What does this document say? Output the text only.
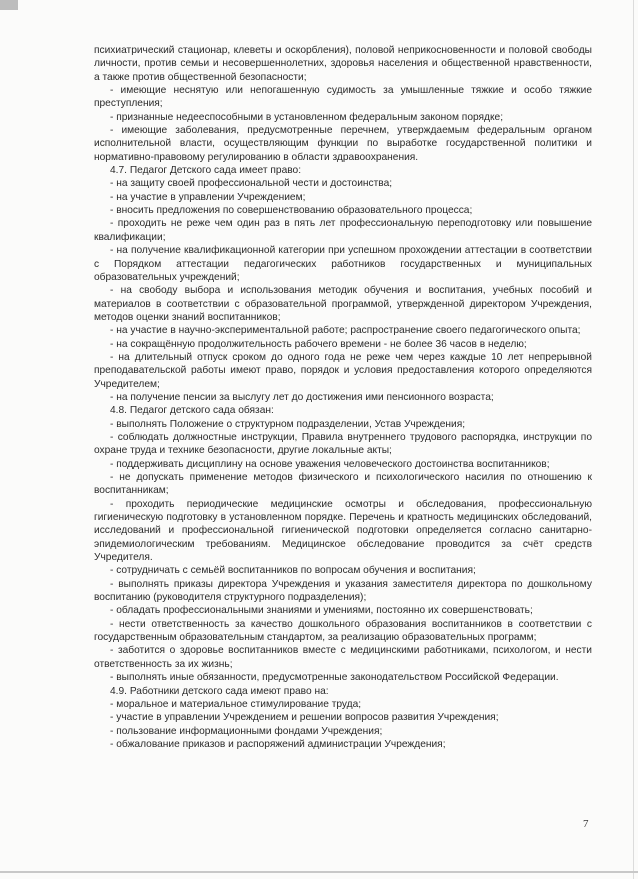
психиатрический стационар, клеветы и оскорбления), половой неприкосновенности и половой свободы личности, против семьи и несовершеннолетних, здоровья населения и общественной нравственности, а также против общественной безопасности;

- имеющие неснятую или непогашенную судимость за умышленные тяжкие и особо тяжкие преступления;

- признанные недееспособными в установленном федеральным законом порядке;

- имеющие заболевания, предусмотренные перечнем, утверждаемым федеральным органом исполнительной власти, осуществляющим функции по выработке государственной политики и нормативно-правовому регулированию в области здравоохранения.

4.7. Педагог Детского сада имеет право:

- на защиту своей профессиональной чести и достоинства;

- на участие в управлении Учреждением;

- вносить предложения по совершенствованию образовательного процесса;

- проходить не реже чем один раз в пять лет профессиональную переподготовку или повышение квалификации;

- на получение квалификационной категории при успешном прохождении аттестации в соответствии с Порядком аттестации педагогических работников государственных и муниципальных образовательных учреждений;

- на свободу выбора и использования методик обучения и воспитания, учебных пособий и материалов в соответствии с образовательной программой, утвержденной директором Учреждения, методов оценки знаний воспитанников;

- на участие в научно-экспериментальной работе; распространение своего педагогического опыта;

- на сокращённую продолжительность рабочего времени - не более 36 часов в неделю;

- на длительный отпуск сроком до одного года не реже чем через каждые 10 лет непрерывной преподавательской работы имеют право, порядок и условия предоставления которого определяются Учредителем;

- на получение пенсии за выслугу лет до достижения ими пенсионного возраста;

4.8. Педагог детского сада обязан:

- выполнять Положение о структурном подразделении, Устав Учреждения;

- соблюдать должностные инструкции, Правила внутреннего трудового распорядка, инструкции по охране труда и технике безопасности, другие локальные акты;

- поддерживать дисциплину на основе уважения человеческого достоинства воспитанников;

- не допускать применение методов физического и психологического насилия по отношению к воспитанникам;

- проходить периодические медицинские осмотры и обследования, профессиональную гигиеническую подготовку в установленном порядке. Перечень и кратность медицинских обследований, исследований и профессиональной гигиенической подготовки определяется согласно санитарно-эпидемиологическим требованиям. Медицинское обследование проводится за счёт средств Учредителя.

- сотрудничать с семьёй воспитанников по вопросам обучения и воспитания;

- выполнять приказы директора Учреждения и указания заместителя директора по дошкольному воспитанию (руководителя структурного подразделения);

- обладать профессиональными знаниями и умениями, постоянно их совершенствовать;

- нести ответственность за качество дошкольного образования воспитанников в соответствии с государственным образовательным стандартом, за реализацию образовательных программ;

- заботится о здоровье воспитанников вместе с медицинскими работниками, психологом, и нести ответственность за их жизнь;

- выполнять иные обязанности, предусмотренные законодательством Российской Федерации.

4.9. Работники детского сада имеют право на:

- моральное и материальное стимулирование труда;

- участие в управлении Учреждением и решении вопросов развития Учреждения;

- пользование информационными фондами Учреждения;

- обжалование приказов и распоряжений администрации Учреждения;

7
